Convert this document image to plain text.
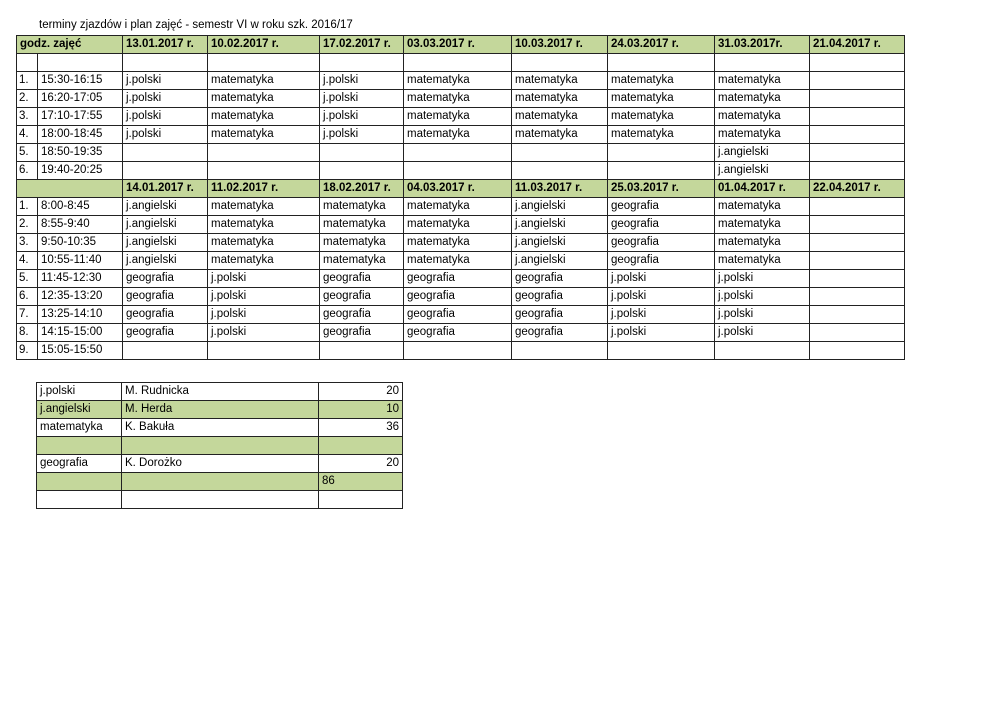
terminy zjazdów i plan zajęć - semestr VI w roku szk. 2016/17
godz. zajęć		13.01.2017 r.	10.02.2017 r.	17.02.2017 r.	03.03.2017 r.	10.03.2017 r.	24.03.2017 r.	31.03.2017r.	21.04.2017 r.

1.	15:30-16:15	j.polski	matematyka	j.polski	matematyka	matematyka	matematyka	matematyka	
2.	16:20-17:05	j.polski	matematyka	j.polski	matematyka	matematyka	matematyka	matematyka	
3.	17:10-17:55	j.polski	matematyka	j.polski	matematyka	matematyka	matematyka	matematyka	
4.	18:00-18:45	j.polski	matematyka	j.polski	matematyka	matematyka	matematyka	matematyka	
5.	18:50-19:35							j.angielski	
6.	19:40-20:25							j.angielski	
		14.01.2017 r.	11.02.2017 r.	18.02.2017 r.	04.03.2017 r.	11.03.2017 r.	25.03.2017 r.	01.04.2017 r.	22.04.2017 r.
1.	8:00-8:45	j.angielski	matematyka	matematyka	matematyka	j.angielski	geografia	matematyka	
2.	8:55-9:40	j.angielski	matematyka	matematyka	matematyka	j.angielski	geografia	matematyka	
3.	9:50-10:35	j.angielski	matematyka	matematyka	matematyka	j.angielski	geografia	matematyka	
4.	10:55-11:40	j.angielski	matematyka	matematyka	matematyka	j.angielski	geografia	matematyka	
5.	11:45-12:30	geografia	j.polski	geografia	geografia	geografia	j.polski	j.polski	
6.	12:35-13:20	geografia	j.polski	geografia	geografia	geografia	j.polski	j.polski	
7.	13:25-14:10	geografia	j.polski	geografia	geografia	geografia	j.polski	j.polski	
8.	14:15-15:00	geografia	j.polski	geografia	geografia	geografia	j.polski	j.polski	
9.	15:05-15:50								
j.polski	M. Rudnicka	20
j.angielski	M. Herda	10
matematyka	K. Bakuła	36

geografia	K. Dorożko	20
		86
